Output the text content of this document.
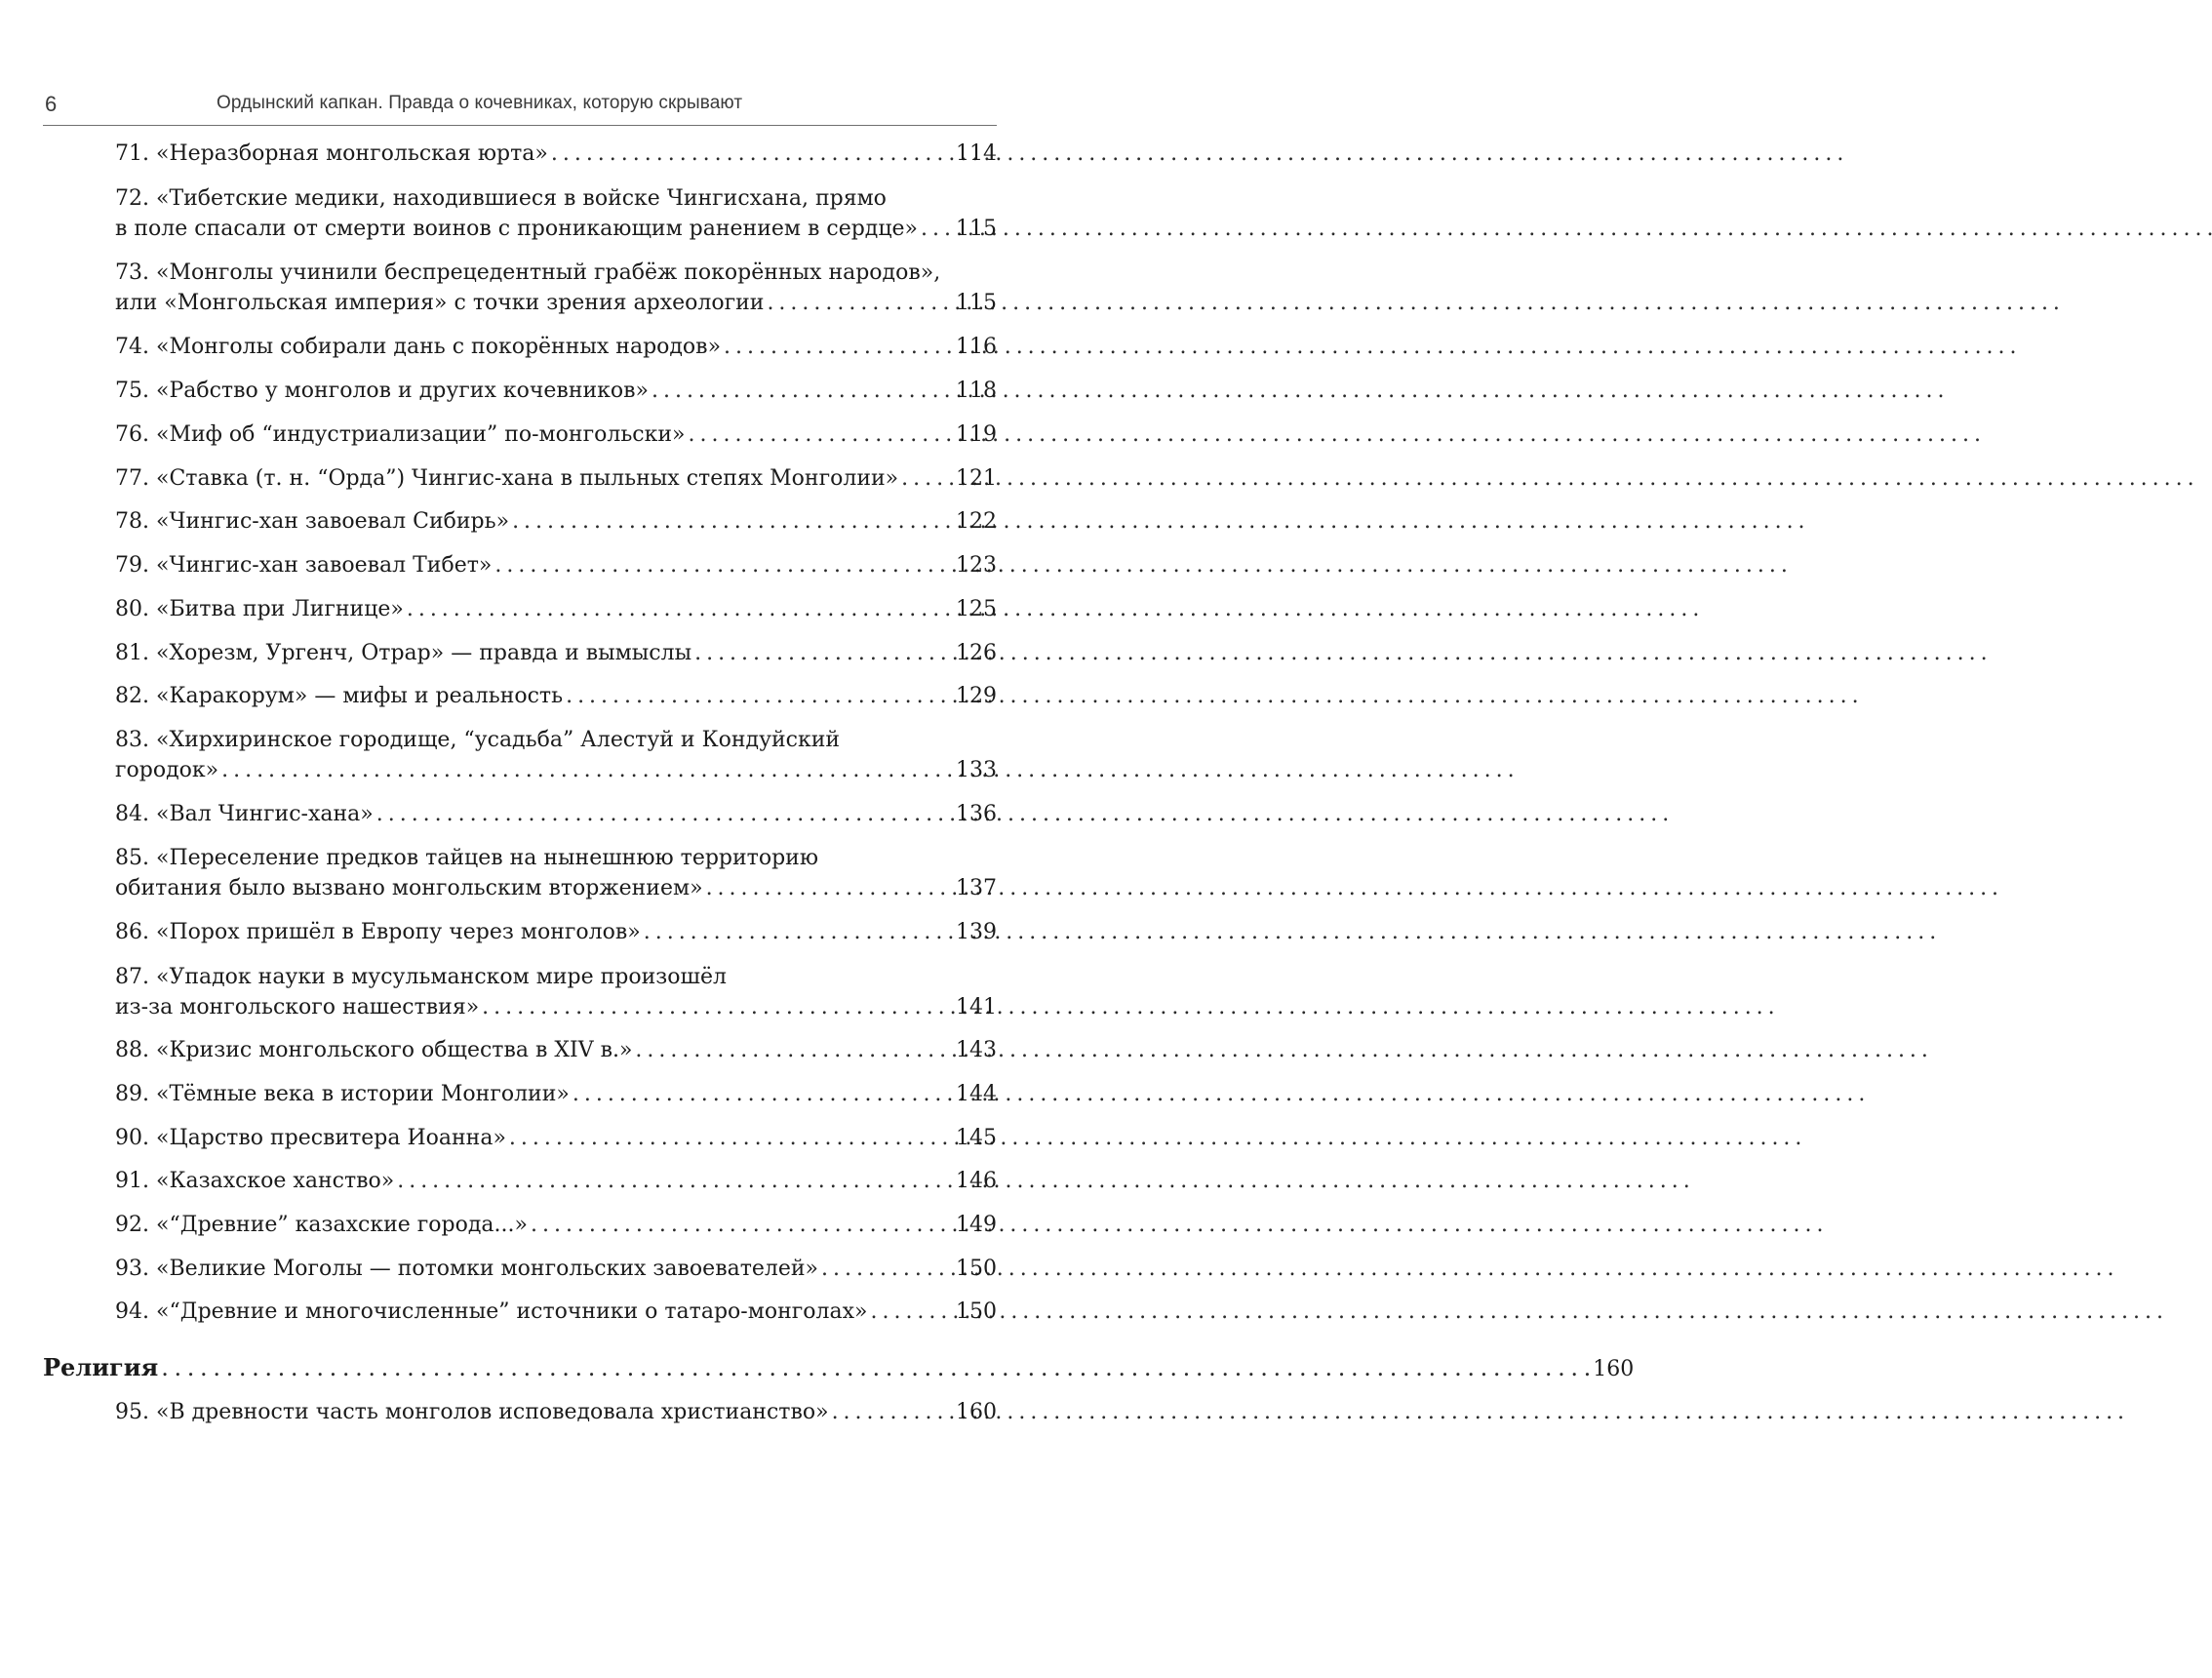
6	Ордынский капкан. Правда о кочевниках, которую скрывают
71. «Неразборная монгольская юрта» . . .	114
72. «Тибетские медики, находившиеся в войске Чингисхана, прямо
в поле спасали от смерти воинов с проникающим ранением в сердце» . . . 115
73. «Монголы учинили беспрецедентный грабёж покорённых народов»,
или «Монгольская империя» с точки зрения археологии . . .	115
74. «Монголы собирали дань с покорённых народов» . . .	116
75. «Рабство у монголов и других кочевников» . . .	118
76. «Миф об “индустриализации” по-монгольски» . . .	119
77. «Ставка (т. н. “Орда”) Чингис-хана в пыльных степях Монголии» . . .	121
78. «Чингис-хан завоевал Сибирь» . . .	122
79. «Чингис-хан завоевал Тибет» . . .	123
80. «Битва при Лигнице» . . .	125
81. «Хорезм, Ургенч, Отрар» — правда и вымыслы . . .	126
82. «Каракорум» — мифы и реальность . . .	129
83. «Хирхиринское городище, “усадьба” Алестуй и Кондуйский
городок» . . .	133
84. «Вал Чингис-хана» . . .	136
85. «Переселение предков тайцев на нынешнюю территорию
обитания было вызвано монгольским вторжением» . . .	137
86. «Порох пришёл в Европу через монголов» . . .	139
87. «Упадок науки в мусульманском мире произошёл
из-за монгольского нашествия» . . .	141
88. «Кризис монгольского общества в XIV в.» . . .	143
89. «Тёмные века в истории Монголии» . . .	144
90. «Царство пресвитера Иоанна» . . .	145
91. «Казахское ханство» . . .	146
92. «“Древние” казахские города...» . . .	149
93. «Великие Моголы — потомки монгольских завоевателей» . . .	150
94. «“Древние и многочисленные” источники о татаро-монголах» . . .	150
Религия . . .	160
95. «В древности часть монголов исповедовала христианство» . . .	160
